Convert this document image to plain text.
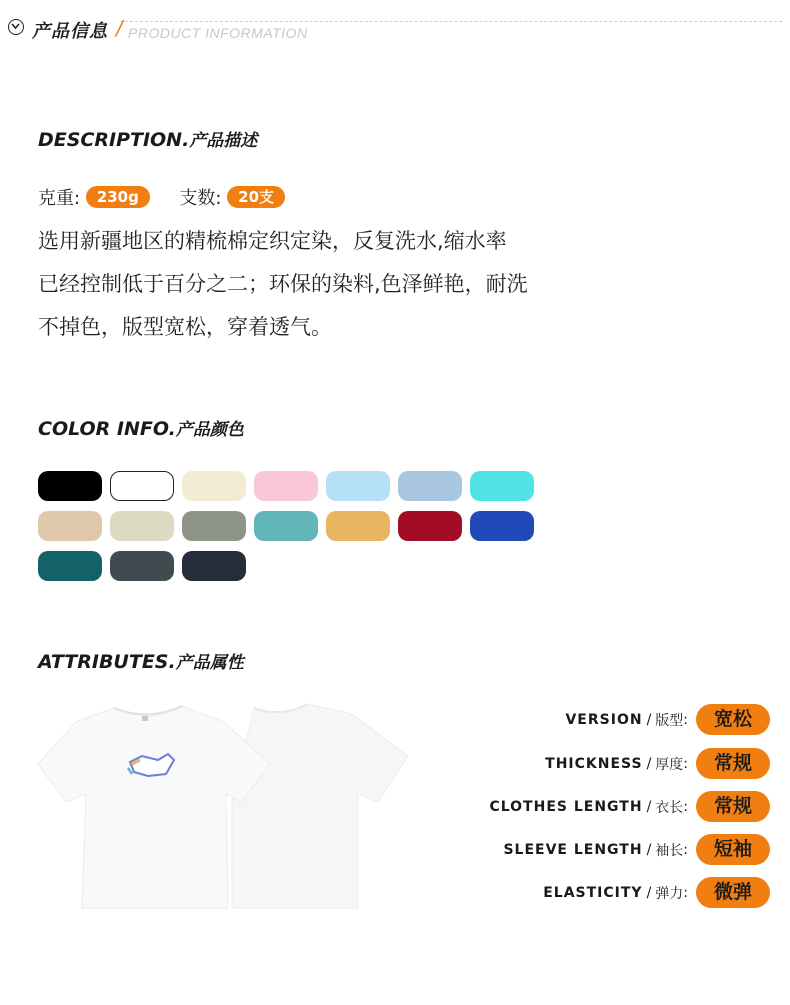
产品信息 / PRODUCT INFORMATION
DESCRIPTION.产品描述
克重: 230g 支数: 20支
选用新疆地区的精梳棉定织定染，反复洗水,缩水率
已经控制低于百分之二；环保的染料,色泽鲜艳，耐洗
不掉色，版型宽松，穿着透气。
COLOR INFO.产品颜色
ATTRIBUTES.产品属性
VERSION / 版型 :	宽松
THICKNESS / 厚度 :	常规
CLOTHES LENGTH / 衣长 :	常规
SLEEVE LENGTH / 袖长 :	短袖
ELASTICITY / 弹力 :	微弹
